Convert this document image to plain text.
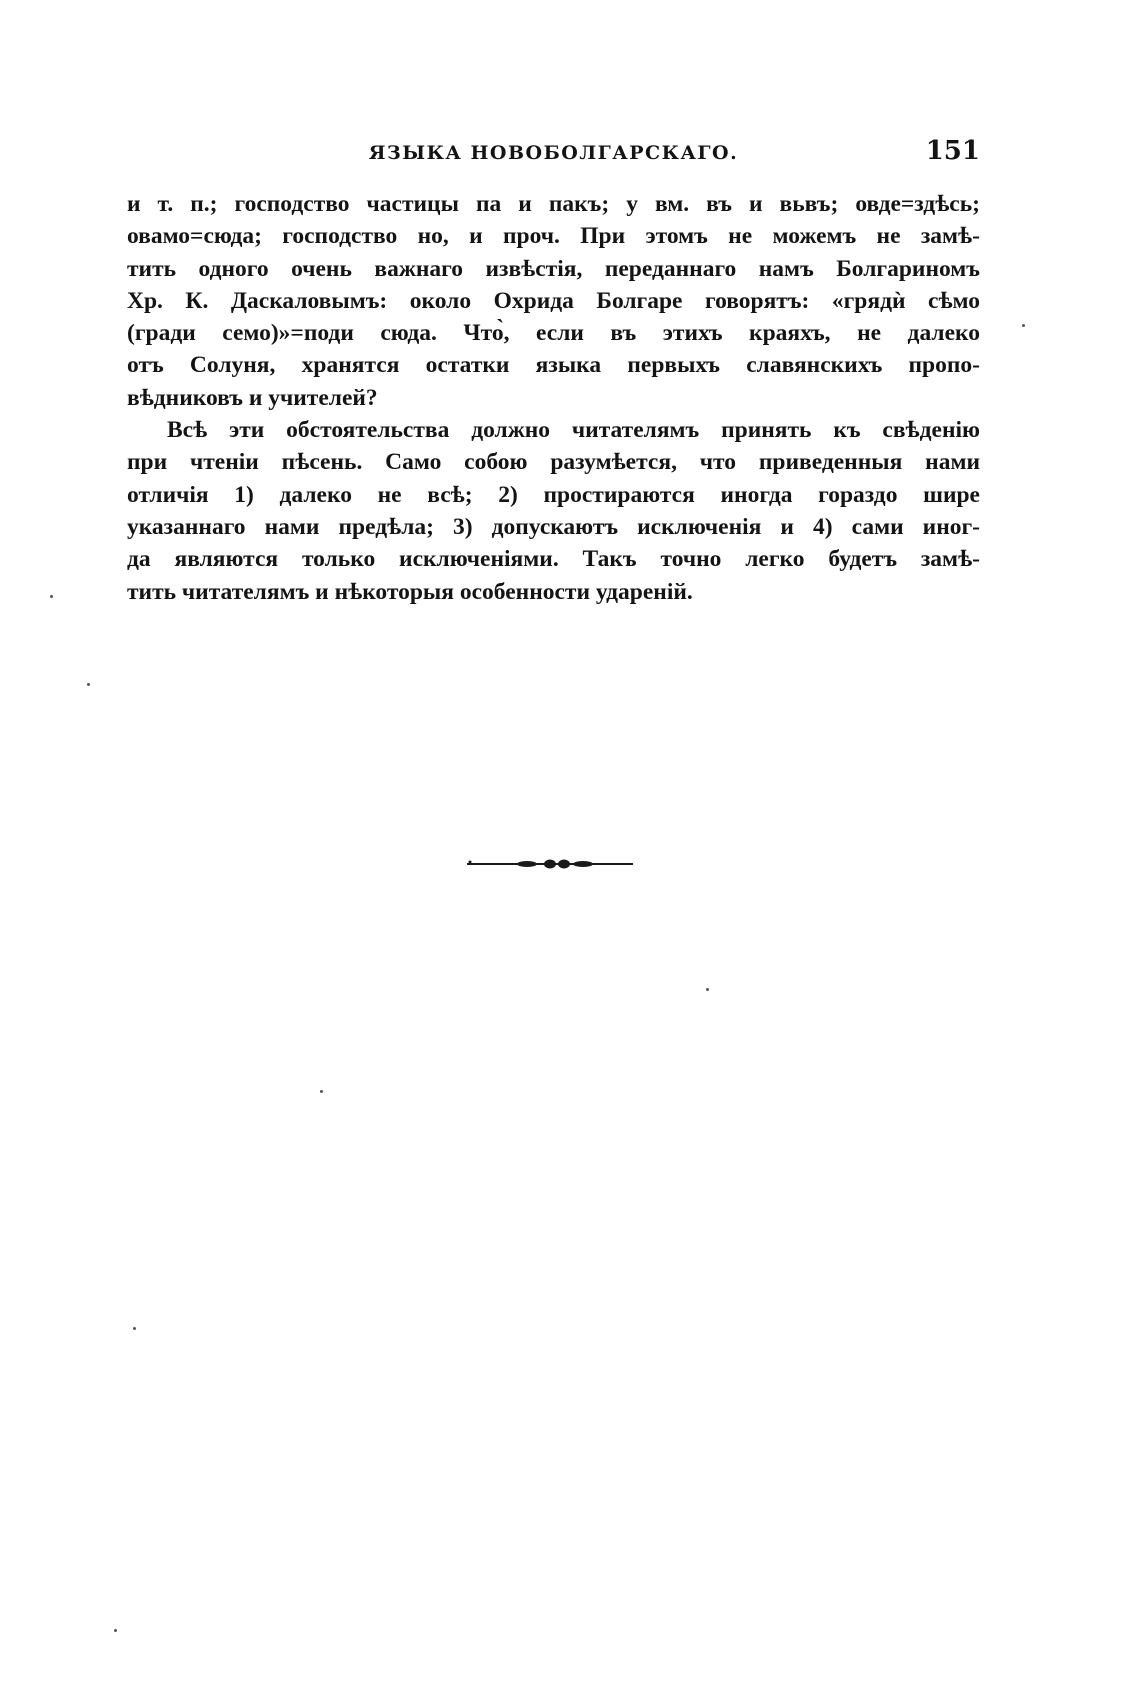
ЯЗЫКА НОВОБОЛГАРСКАГО.	151
и т. п.; господство частицы па и пакъ; у вм. въ и вьвъ; овде=здѣсь;
овамо=сюда; господство но, и проч. При этомъ не можемъ не замѣ-
тить одного очень важнаго извѣстія, переданнаго намъ Болгариномъ
Хр. К. Даскаловымъ: около Охрида Болгаре говорятъ: «грядѝ сѣмо
(гради семо)»=поди сюда. Что̀, если въ этихъ краяхъ, не далеко
отъ Солуня, хранятся остатки языка первыхъ славянскихъ пропо-
вѣдниковъ и учителей?
Всѣ эти обстоятельства должно читателямъ принять къ свѣденію
при чтеніи пѣсень. Само собою разумѣется, что приведенныя нами
отличія 1) далеко не всѣ; 2) простираются иногда гораздо шире
указаннаго нами предѣла; 3) допускаютъ исключенія и 4) сами иног-
да являются только исключеніями. Такъ точно легко будетъ замѣ-
тить читателямъ и нѣкоторыя особенности удареній.
